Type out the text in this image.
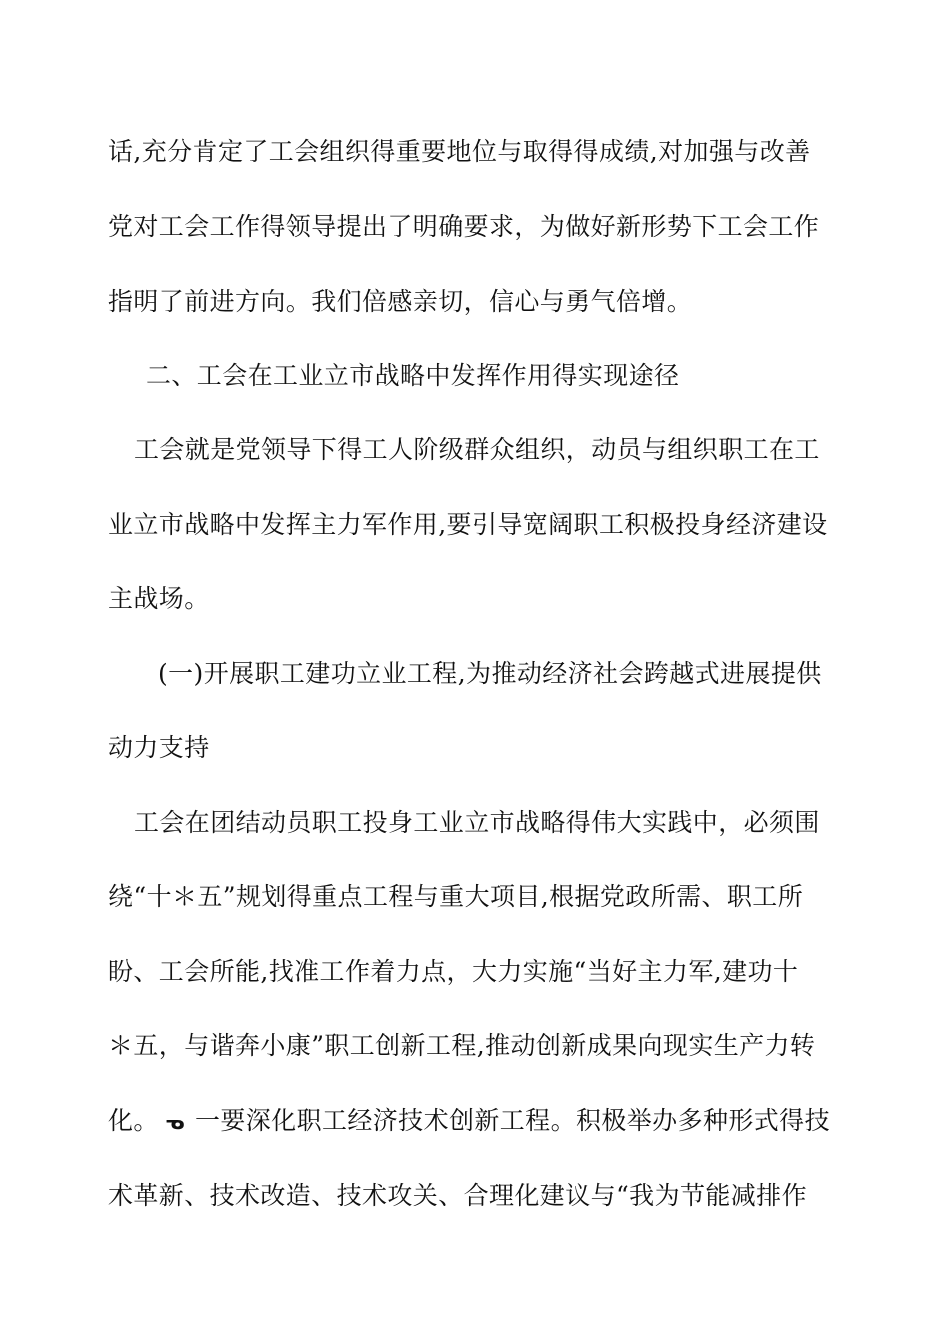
话,充分肯定了工会组织得重要地位与取得得成绩,对加强与改善
党对工会工作得领导提出了明确要求，为做好新形势下工会工作
指明了前进方向。我们倍感亲切，信心与勇气倍增。
二、工会在工业立市战略中发挥作用得实现途径
工会就是党领导下得工人阶级群众组织，动员与组织职工在工
业立市战略中发挥主力军作用,要引导宽阔职工积极投身经济建设
主战场。
(一)开展职工建功立业工程,为推动经济社会跨越式进展提供
动力支持
工会在团结动员职工投身工业立市战略得伟大实践中，必须围
绕“十＊五”规划得重点工程与重大项目,根据党政所需、职工所
盼、工会所能,找准工作着力点，大力实施“当好主力军,建功十
＊五，与谐奔小康”职工创新工程,推动创新成果向现实生产力转
化。 ᓀ 一要深化职工经济技术创新工程。积极举办多种形式得技
术革新、技术改造、技术攻关、合理化建议与“我为节能减排作
